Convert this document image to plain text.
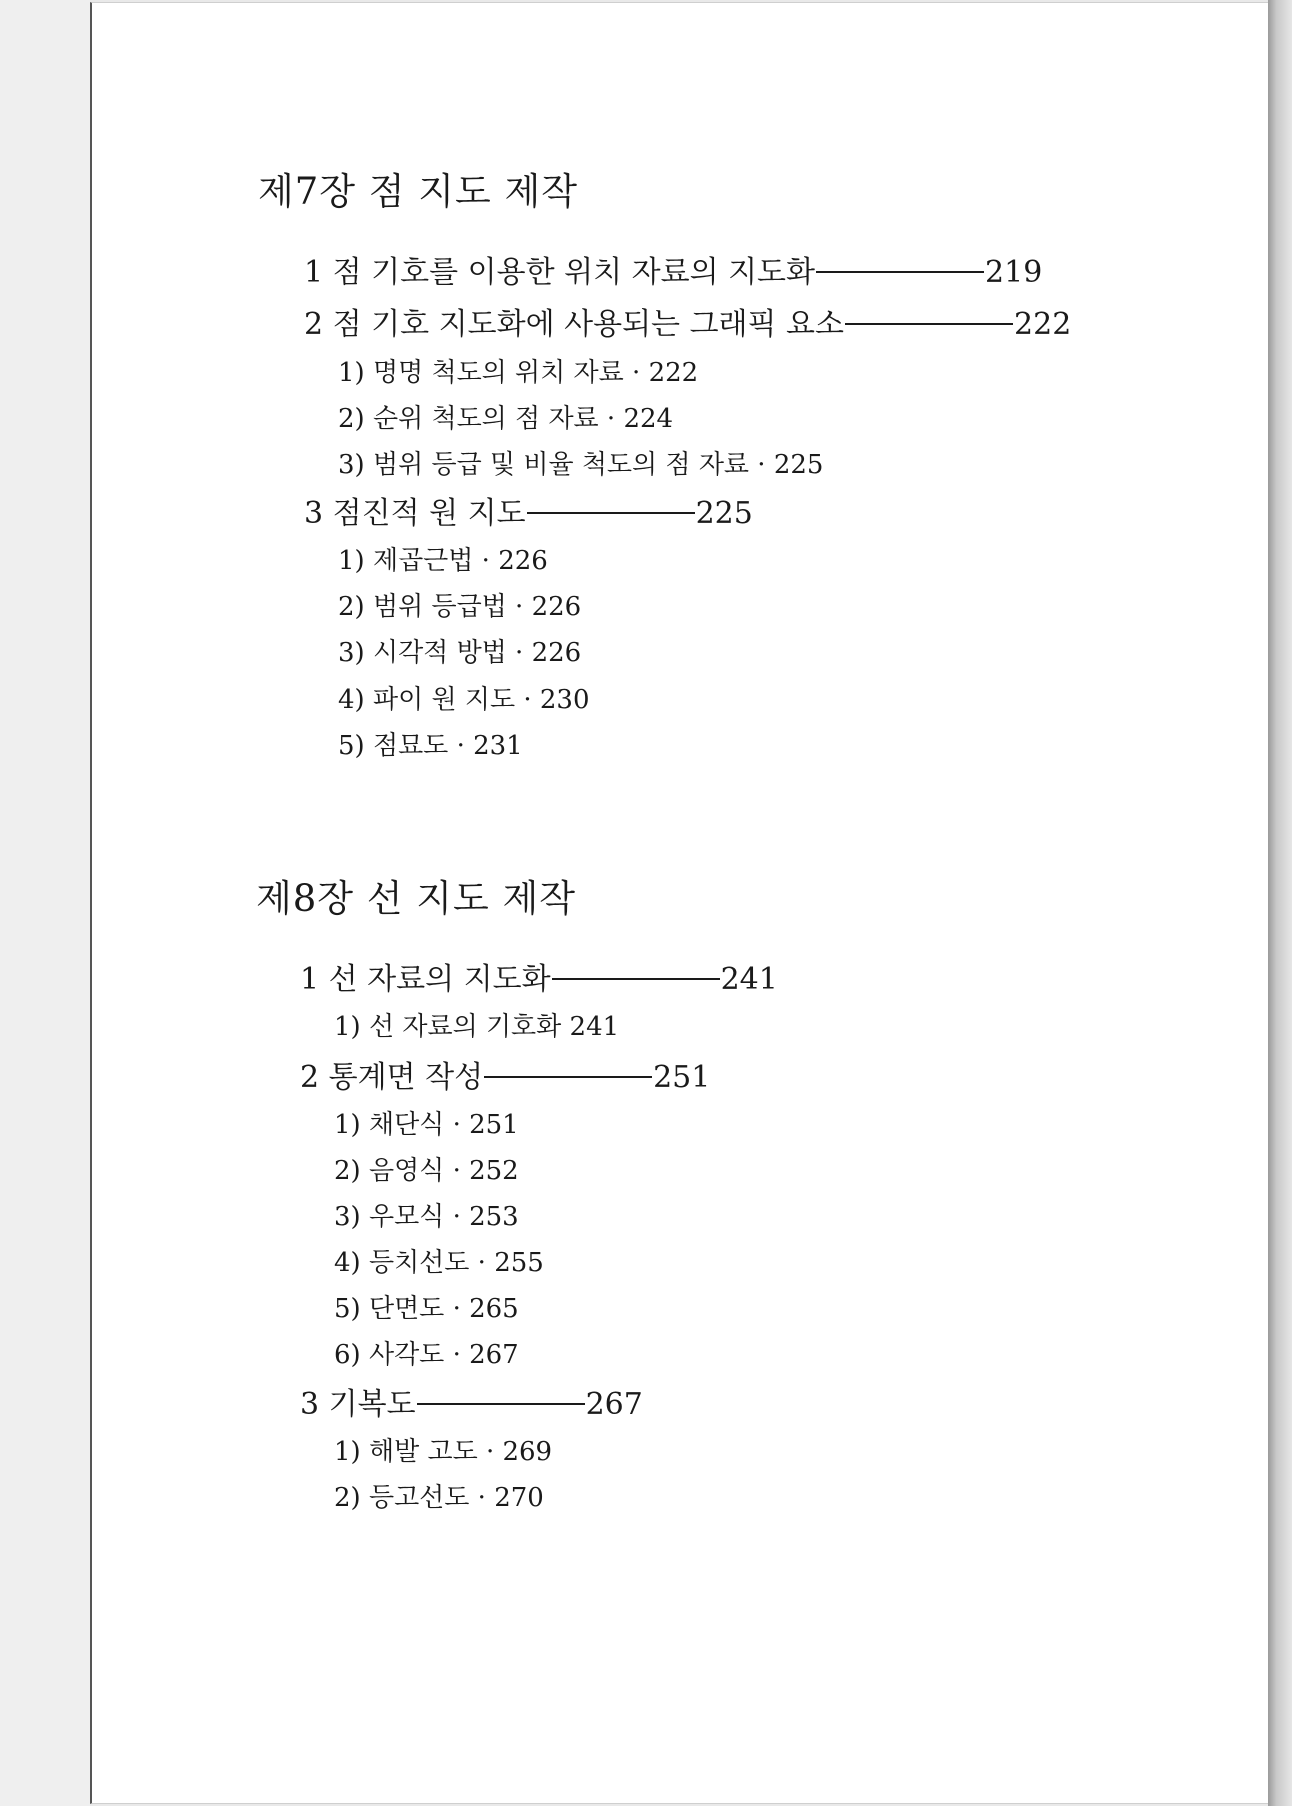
제7장 점 지도 제작
1 점 기호를 이용한 위치 자료의 지도화	219
2 점 기호 지도화에 사용되는 그래픽 요소	222
1) 명명 척도의 위치 자료 · 222
2) 순위 척도의 점 자료 · 224
3) 범위 등급 및 비율 척도의 점 자료 · 225
3 점진적 원 지도	225
1) 제곱근법 · 226
2) 범위 등급법 · 226
3) 시각적 방법 · 226
4) 파이 원 지도 · 230
5) 점묘도 · 231
제8장 선 지도 제작
1 선 자료의 지도화	241
1) 선 자료의 기호화 241
2 통계면 작성	251
1) 채단식 · 251
2) 음영식 · 252
3) 우모식 · 253
4) 등치선도 · 255
5) 단면도 · 265
6) 사각도 · 267
3 기복도	267
1) 해발 고도 · 269
2) 등고선도 · 270
